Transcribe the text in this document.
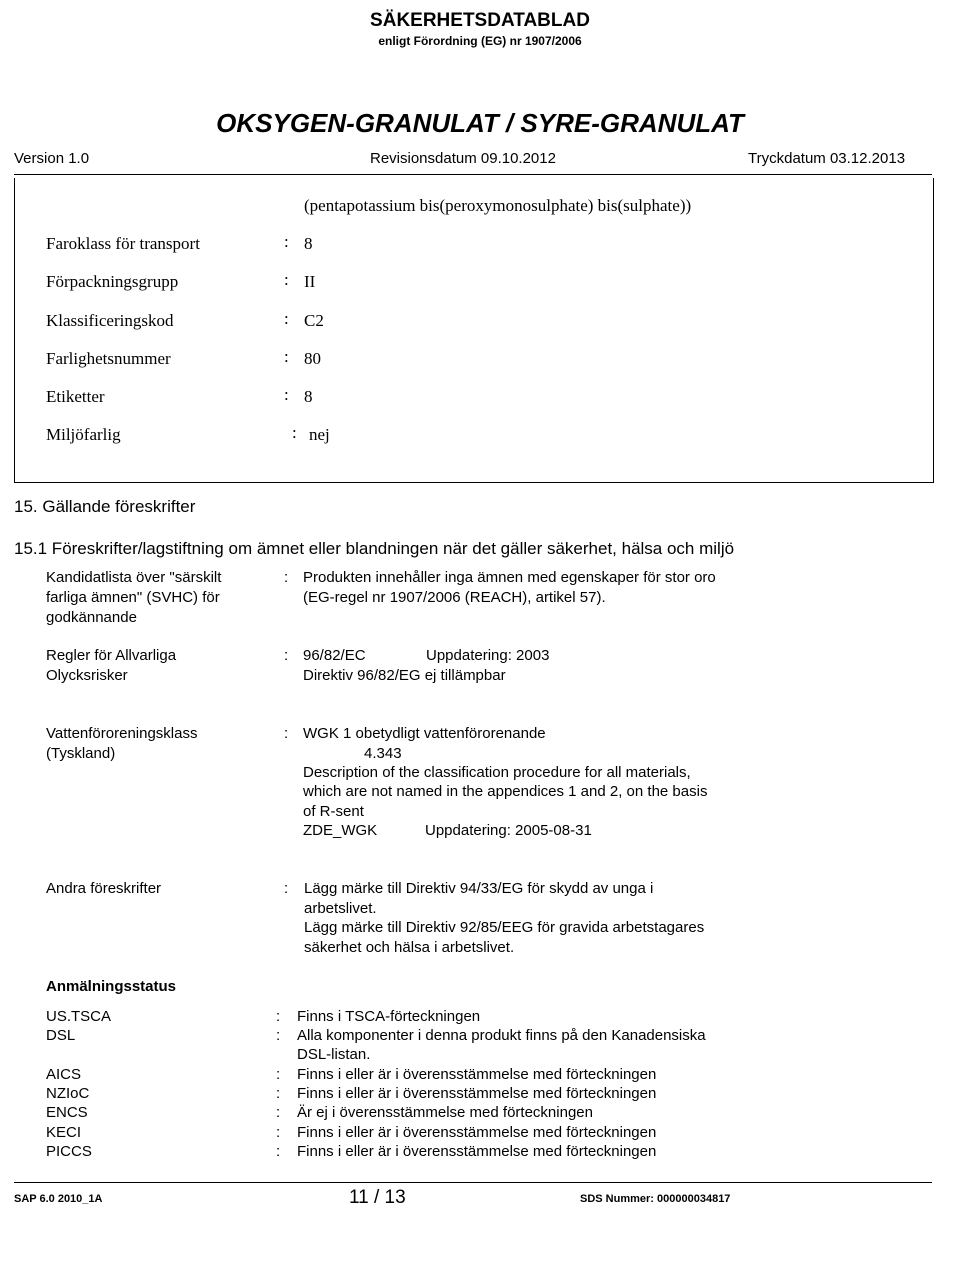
SÄKERHETSDATABLAD
enligt Förordning (EG) nr 1907/2006
OKSYGEN-GRANULAT / SYRE-GRANULAT
Version 1.0	Revisionsdatum 09.10.2012	Tryckdatum 03.12.2013
(pentapotassium bis(peroxymonosulphate) bis(sulphate))
Faroklass för transport	: 8
Förpackningsgrupp	: II
Klassificeringskod	: C2
Farlighetsnummer	: 80
Etiketter	: 8
Miljöfarlig	: nej
15. Gällande föreskrifter
15.1 Föreskrifter/lagstiftning om ämnet eller blandningen när det gäller säkerhet, hälsa och miljö
Kandidatlista över "särskilt
farliga ämnen" (SVHC) för
godkännande
: Produkten innehåller inga ämnen med egenskaper för stor oro
(EG-regel nr 1907/2006 (REACH), artikel 57).
Regler för Allvarliga
Olycksrisker
: 96/82/EC	Uppdatering: 2003
Direktiv 96/82/EG ej tillämpbar
Vattenföroreningsklass
(Tyskland)
: WGK 1 obetydligt vattenförorenande
4.343
Description of the classification procedure for all materials,
which are not named in the appendices 1 and 2, on the basis
of R-sent
ZDE_WGK	Uppdatering: 2005-08-31
Andra föreskrifter	: Lägg märke till Direktiv 94/33/EG för skydd av unga i
arbetslivet.
Lägg märke till Direktiv 92/85/EEG för gravida arbetstagares
säkerhet och hälsa i arbetslivet.
Anmälningsstatus
US.TSCA	: Finns i TSCA-förteckningen
DSL	: Alla komponenter i denna produkt finns på den Kanadensiska
DSL-listan.
AICS	: Finns i eller är i överensstämmelse med förteckningen
NZIoC	: Finns i eller är i överensstämmelse med förteckningen
ENCS	: Är ej i överensstämmelse med förteckningen
KECI	: Finns i eller är i överensstämmelse med förteckningen
PICCS	: Finns i eller är i överensstämmelse med förteckningen
SAP 6.0 2010_1A	11 / 13	SDS Nummer: 000000034817
